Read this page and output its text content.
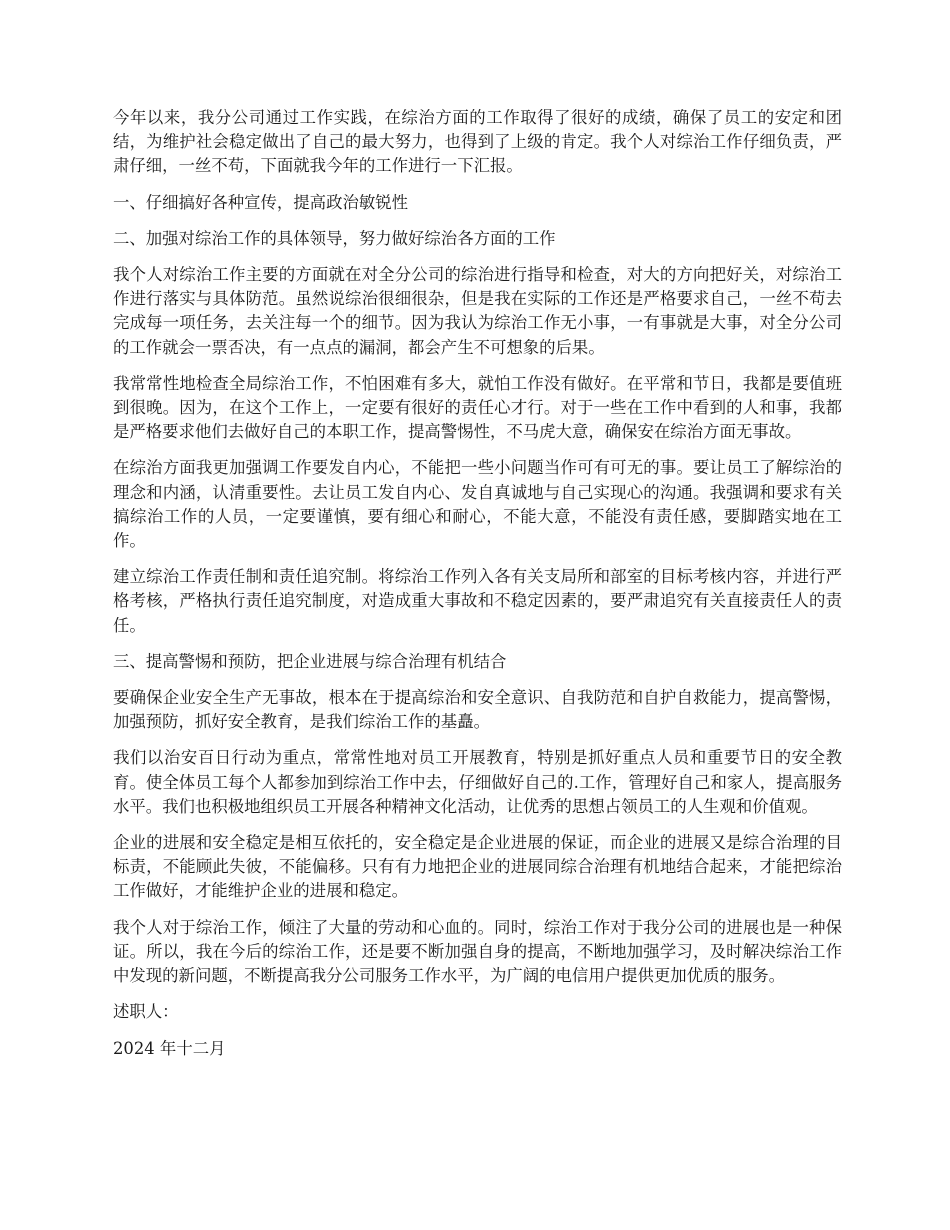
今年以来，我分公司通过工作实践，在综治方面的工作取得了很好的成绩，确保了员工的安定和团结，为维护社会稳定做出了自己的最大努力，也得到了上级的肯定。我个人对综治工作仔细负责，严肃仔细，一丝不苟，下面就我今年的工作进行一下汇报。

一、仔细搞好各种宣传，提高政治敏锐性

二、加强对综治工作的具体领导，努力做好综治各方面的工作

我个人对综治工作主要的方面就在对全分公司的综治进行指导和检查，对大的方向把好关，对综治工作进行落实与具体防范。虽然说综治很细很杂，但是我在实际的工作还是严格要求自己，一丝不苟去完成每一项任务，去关注每一个的细节。因为我认为综治工作无小事，一有事就是大事，对全分公司的工作就会一票否决，有一点点的漏洞，都会产生不可想象的后果。

我常常性地检查全局综治工作，不怕困难有多大，就怕工作没有做好。在平常和节日，我都是要值班到很晚。因为，在这个工作上，一定要有很好的责任心才行。对于一些在工作中看到的人和事，我都是严格要求他们去做好自己的本职工作，提高警惕性，不马虎大意，确保安在综治方面无事故。

在综治方面我更加强调工作要发自内心，不能把一些小问题当作可有可无的事。要让员工了解综治的理念和内涵，认清重要性。去让员工发自内心、发自真诚地与自己实现心的沟通。我强调和要求有关搞综治工作的人员，一定要谨慎，要有细心和耐心，不能大意，不能没有责任感，要脚踏实地在工作。

建立综治工作责任制和责任追究制。将综治工作列入各有关支局所和部室的目标考核内容，并进行严格考核，严格执行责任追究制度，对造成重大事故和不稳定因素的，要严肃追究有关直接责任人的责任。

三、提高警惕和预防，把企业进展与综合治理有机结合

要确保企业安全生产无事故，根本在于提高综治和安全意识、自我防范和自护自救能力，提高警惕，加强预防，抓好安全教育，是我们综治工作的基矗。

我们以治安百日行动为重点，常常性地对员工开展教育，特别是抓好重点人员和重要节日的安全教育。使全体员工每个人都参加到综治工作中去，仔细做好自己的.工作，管理好自己和家人，提高服务水平。我们也积极地组织员工开展各种精神文化活动，让优秀的思想占领员工的人生观和价值观。

企业的进展和安全稳定是相互依托的，安全稳定是企业进展的保证，而企业的进展又是综合治理的目标责，不能顾此失彼，不能偏移。只有有力地把企业的进展同综合治理有机地结合起来，才能把综治工作做好，才能维护企业的进展和稳定。

我个人对于综治工作，倾注了大量的劳动和心血的。同时，综治工作对于我分公司的进展也是一种保证。所以，我在今后的综治工作，还是要不断加强自身的提高，不断地加强学习，及时解决综治工作中发现的新问题，不断提高我分公司服务工作水平，为广阔的电信用户提供更加优质的服务。

述职人：

2024 年十二月
